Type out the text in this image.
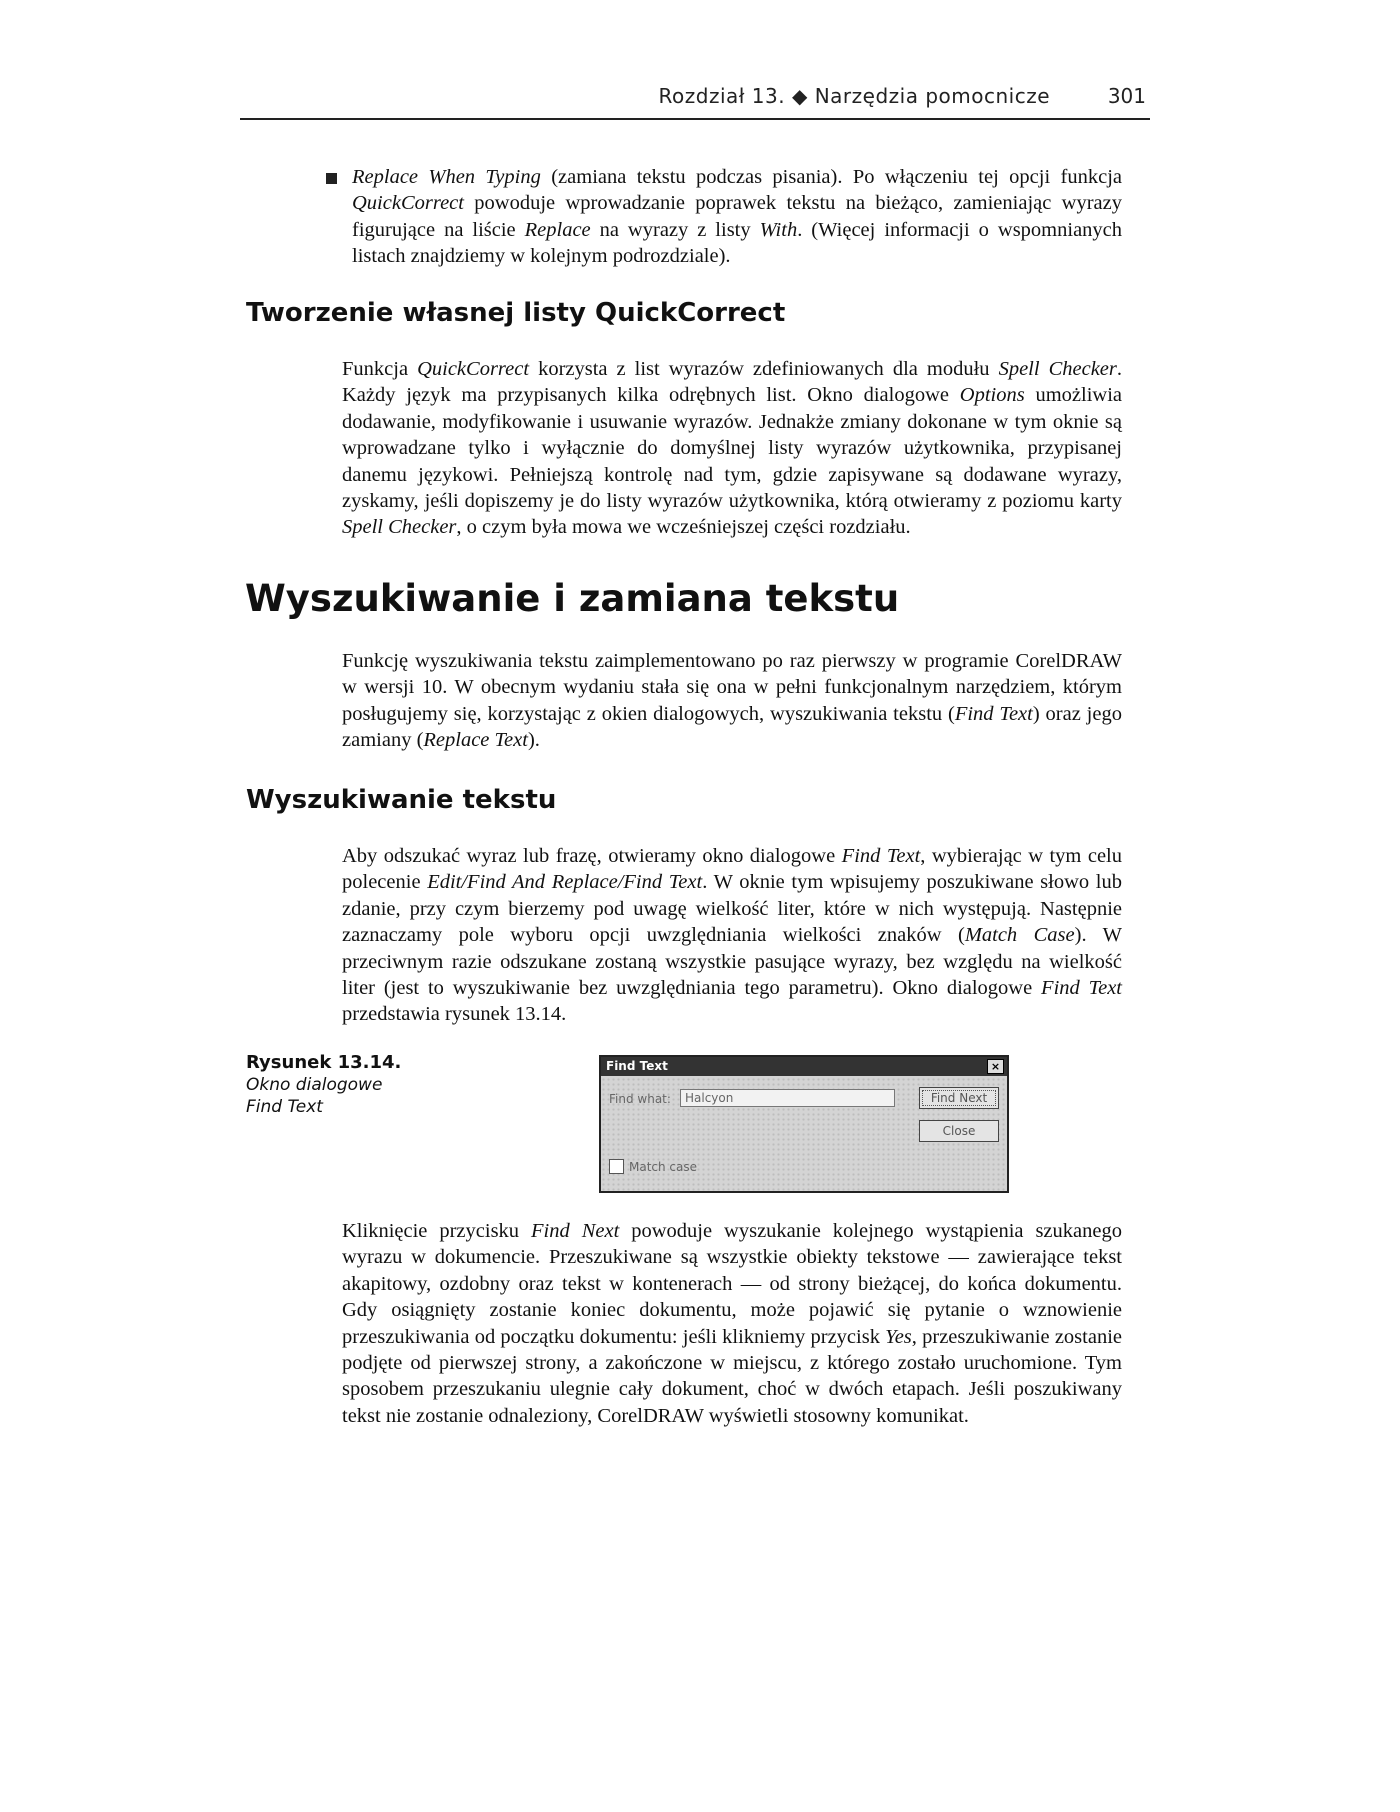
Rozdział 13. ◆ Narzędzia pomocnicze	301

Replace When Typing (zamiana tekstu podczas pisania). Po włączeniu tej opcji funkcja QuickCorrect powoduje wprowadzanie poprawek tekstu na bieżąco, zamieniając wyrazy figurujące na liście Replace na wyrazy z listy With. (Więcej informacji o wspomnianych listach znajdziemy w kolejnym podrozdziale).

Tworzenie własnej listy QuickCorrect

Funkcja QuickCorrect korzysta z list wyrazów zdefiniowanych dla modułu Spell Checker. Każdy język ma przypisanych kilka odrębnych list. Okno dialogowe Options umożliwia dodawanie, modyfikowanie i usuwanie wyrazów. Jednakże zmiany dokonane w tym oknie są wprowadzane tylko i wyłącznie do domyślnej listy wyrazów użytkownika, przypisanej danemu językowi. Pełniejszą kontrolę nad tym, gdzie zapisywane są dodawane wyrazy, zyskamy, jeśli dopiszemy je do listy wyrazów użytkownika, którą otwieramy z poziomu karty Spell Checker, o czym była mowa we wcześniejszej części rozdziału.

Wyszukiwanie i zamiana tekstu

Funkcję wyszukiwania tekstu zaimplementowano po raz pierwszy w programie CorelDRAW w wersji 10. W obecnym wydaniu stała się ona w pełni funkcjonalnym narzędziem, którym posługujemy się, korzystając z okien dialogowych, wyszukiwania tekstu (Find Text) oraz jego zamiany (Replace Text).

Wyszukiwanie tekstu

Aby odszukać wyraz lub frazę, otwieramy okno dialogowe Find Text, wybierając w tym celu polecenie Edit/Find And Replace/Find Text. W oknie tym wpisujemy poszukiwane słowo lub zdanie, przy czym bierzemy pod uwagę wielkość liter, które w nich występują. Następnie zaznaczamy pole wyboru opcji uwzględniania wielkości znaków (Match Case). W przeciwnym razie odszukane zostaną wszystkie pasujące wyrazy, bez względu na wielkość liter (jest to wyszukiwanie bez uwzględniania tego parametru). Okno dialogowe Find Text przedstawia rysunek 13.14.

Rysunek 13.14.
Okno dialogowe
Find Text
Find Text	×
Find what:	Halcyon	Find Next
Close
Match case

Kliknięcie przycisku Find Next powoduje wyszukanie kolejnego wystąpienia szukanego wyrazu w dokumencie. Przeszukiwane są wszystkie obiekty tekstowe — zawierające tekst akapitowy, ozdobny oraz tekst w kontenerach — od strony bieżącej, do końca dokumentu. Gdy osiągnięty zostanie koniec dokumentu, może pojawić się pytanie o wznowienie przeszukiwania od początku dokumentu: jeśli klikniemy przycisk Yes, przeszukiwanie zostanie podjęte od pierwszej strony, a zakończone w miejscu, z którego zostało uruchomione. Tym sposobem przeszukaniu ulegnie cały dokument, choć w dwóch etapach. Jeśli poszukiwany tekst nie zostanie odnaleziony, CorelDRAW wyświetli stosowny komunikat.
